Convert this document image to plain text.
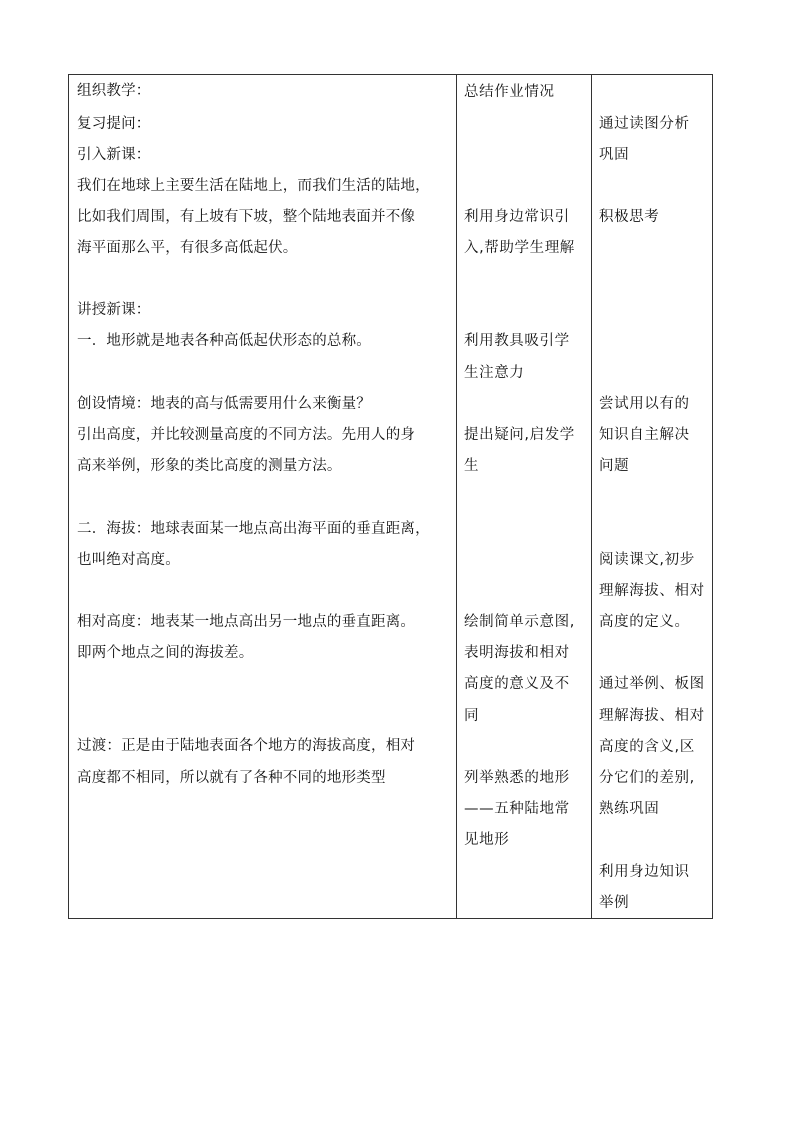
组织教学：
复习提问：
引入新课：
我们在地球上主要生活在陆地上，而我们生活的陆地，
比如我们周围，有上坡有下坡，整个陆地表面并不像
海平面那么平，有很多高低起伏。
讲授新课：
一．地形就是地表各种高低起伏形态的总称。
创设情境：地表的高与低需要用什么来衡量？
引出高度，并比较测量高度的不同方法。先用人的身
高来举例，形象的类比高度的测量方法。
二．海拔：地球表面某一地点高出海平面的垂直距离，
也叫绝对高度。
相对高度：地表某一地点高出另一地点的垂直距离。
即两个地点之间的海拔差。
过渡：正是由于陆地表面各个地方的海拔高度，相对
高度都不相同，所以就有了各种不同的地形类型
总结作业情况
利用身边常识引
入,帮助学生理解
利用教具吸引学
生注意力
提出疑问,启发学
生
绘制简单示意图,
表明海拔和相对
高度的意义及不
同
列举熟悉的地形
——五种陆地常
见地形
通过读图分析
巩固
积极思考
尝试用以有的
知识自主解决
问题
阅读课文,初步
理解海拔、相对
高度的定义。
通过举例、板图
理解海拔、相对
高度的含义,区
分它们的差别,
熟练巩固
利用身边知识
举例
